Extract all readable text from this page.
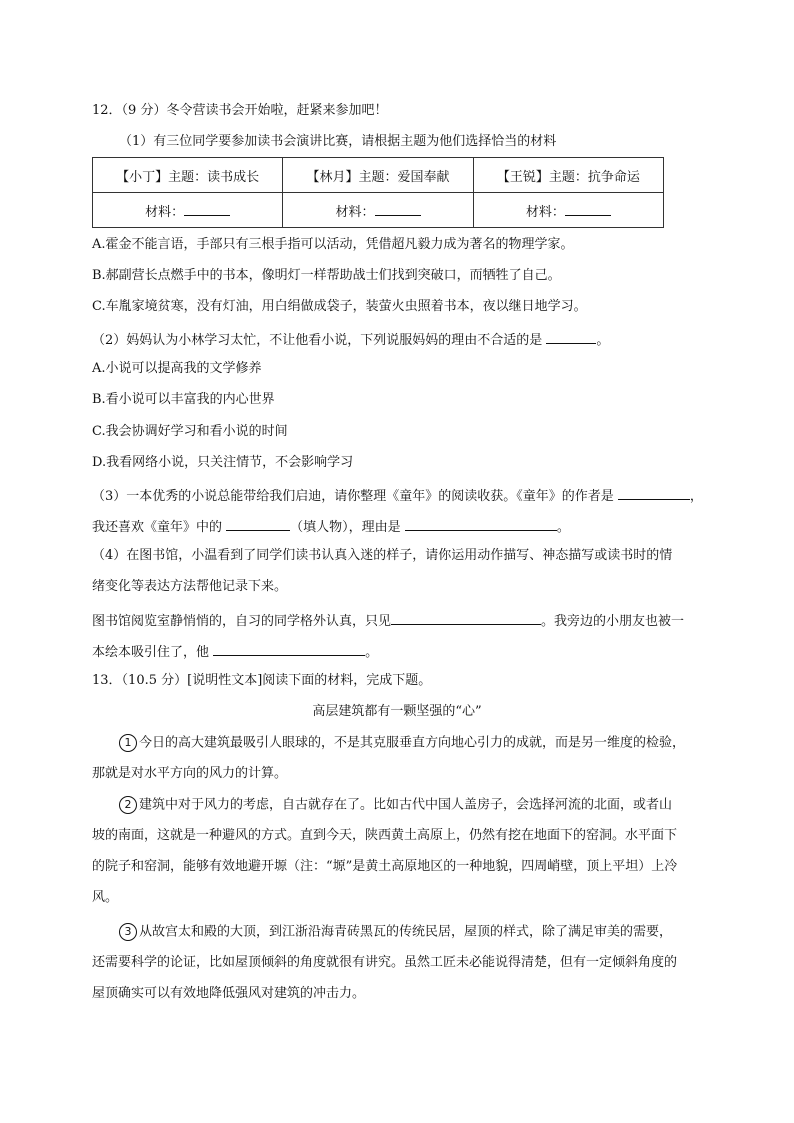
12．（9 分）冬令营读书会开始啦，赶紧来参加吧！
（1）有三位同学要参加读书会演讲比赛，请根据主题为他们选择恰当的材料
【小丁】主题：读书成长	【林月】主题：爱国奉献	【王锐】主题：抗争命运
材料：	材料：	材料：
A.霍金不能言语，手部只有三根手指可以活动，凭借超凡毅力成为著名的物理学家。
B.郝副营长点燃手中的书本，像明灯一样帮助战士们找到突破口，而牺牲了自己。
C.车胤家境贫寒，没有灯油，用白绢做成袋子，装萤火虫照着书本，夜以继日地学习。
（2）妈妈认为小林学习太忙，不让他看小说，下列说服妈妈的理由不合适的是	。
A.小说可以提高我的文学修养
B.看小说可以丰富我的内心世界
C.我会协调好学习和看小说的时间
D.我看网络小说，只关注情节，不会影响学习
（3）一本优秀的小说总能带给我们启迪，请你整理《童年》的阅读收获。《童年》的作者是	，
我还喜欢《童年》中的	（填人物），理由是	。
（4）在图书馆，小温看到了同学们读书认真入迷的样子，请你运用动作描写、神态描写或读书时的情
绪变化等表达方法帮他记录下来。
图书馆阅览室静悄悄的，自习的同学格外认真，只见	。我旁边的小朋友也被一
本绘本吸引住了，他	。
13．（10.5 分）[说明性文本]阅读下面的材料，完成下题。
高层建筑都有一颗坚强的“心”
1 今日的高大建筑最吸引人眼球的，不是其克服垂直方向地心引力的成就，而是另一维度的检验，
那就是对水平方向的风力的计算。
2 建筑中对于风力的考虑，自古就存在了。比如古代中国人盖房子，会选择河流的北面，或者山
坡的南面，这就是一种避风的方式。直到今天，陕西黄土高原上，仍然有挖在地面下的窑洞。水平面下
的院子和窑洞，能够有效地避开塬（注：“塬”是黄土高原地区的一种地貌，四周峭壁，顶上平坦）上冷
风。
3 从故宫太和殿的大顶，到江浙沿海青砖黑瓦的传统民居，屋顶的样式，除了满足审美的需要，
还需要科学的论证，比如屋顶倾斜的角度就很有讲究。虽然工匠未必能说得清楚，但有一定倾斜角度的
屋顶确实可以有效地降低强风对建筑的冲击力。
